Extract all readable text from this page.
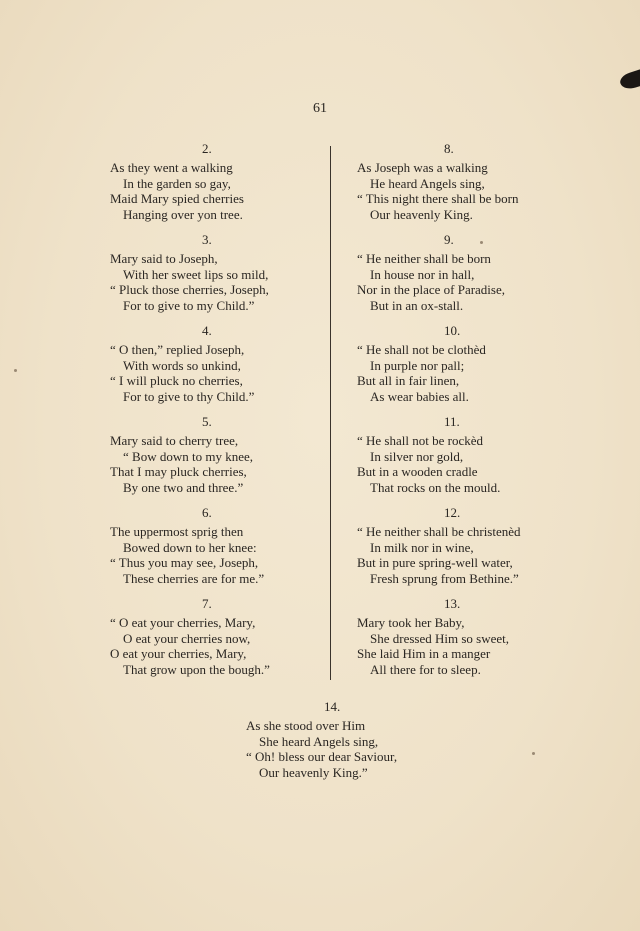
61
2.
As they went a walking
In the garden so gay,
Maid Mary spied cherries
Hanging over yon tree.
3.
Mary said to Joseph,
With her sweet lips so mild,
“ Pluck those cherries, Joseph,
For to give to my Child.”
4.
“ O then,” replied Joseph,
With words so unkind,
“ I will pluck no cherries,
For to give to thy Child.”
5.
Mary said to cherry tree,
“ Bow down to my knee,
That I may pluck cherries,
By one two and three.”
6.
The uppermost sprig then
Bowed down to her knee:
“ Thus you may see, Joseph,
These cherries are for me.”
7.
“ O eat your cherries, Mary,
O eat your cherries now,
O eat your cherries, Mary,
That grow upon the bough.”
8.
As Joseph was a walking
He heard Angels sing,
“ This night there shall be born
Our heavenly King.
9.
“ He neither shall be born
In house nor in hall,
Nor in the place of Paradise,
But in an ox-stall.
10.
“ He shall not be clothèd
In purple nor pall;
But all in fair linen,
As wear babies all.
11.
“ He shall not be rockèd
In silver nor gold,
But in a wooden cradle
That rocks on the mould.
12.
“ He neither shall be christenèd
In milk nor in wine,
But in pure spring-well water,
Fresh sprung from Bethine.”
13.
Mary took her Baby,
She dressed Him so sweet,
She laid Him in a manger
All there for to sleep.
14.
As she stood over Him
She heard Angels sing,
“ Oh! bless our dear Saviour,
Our heavenly King.”
